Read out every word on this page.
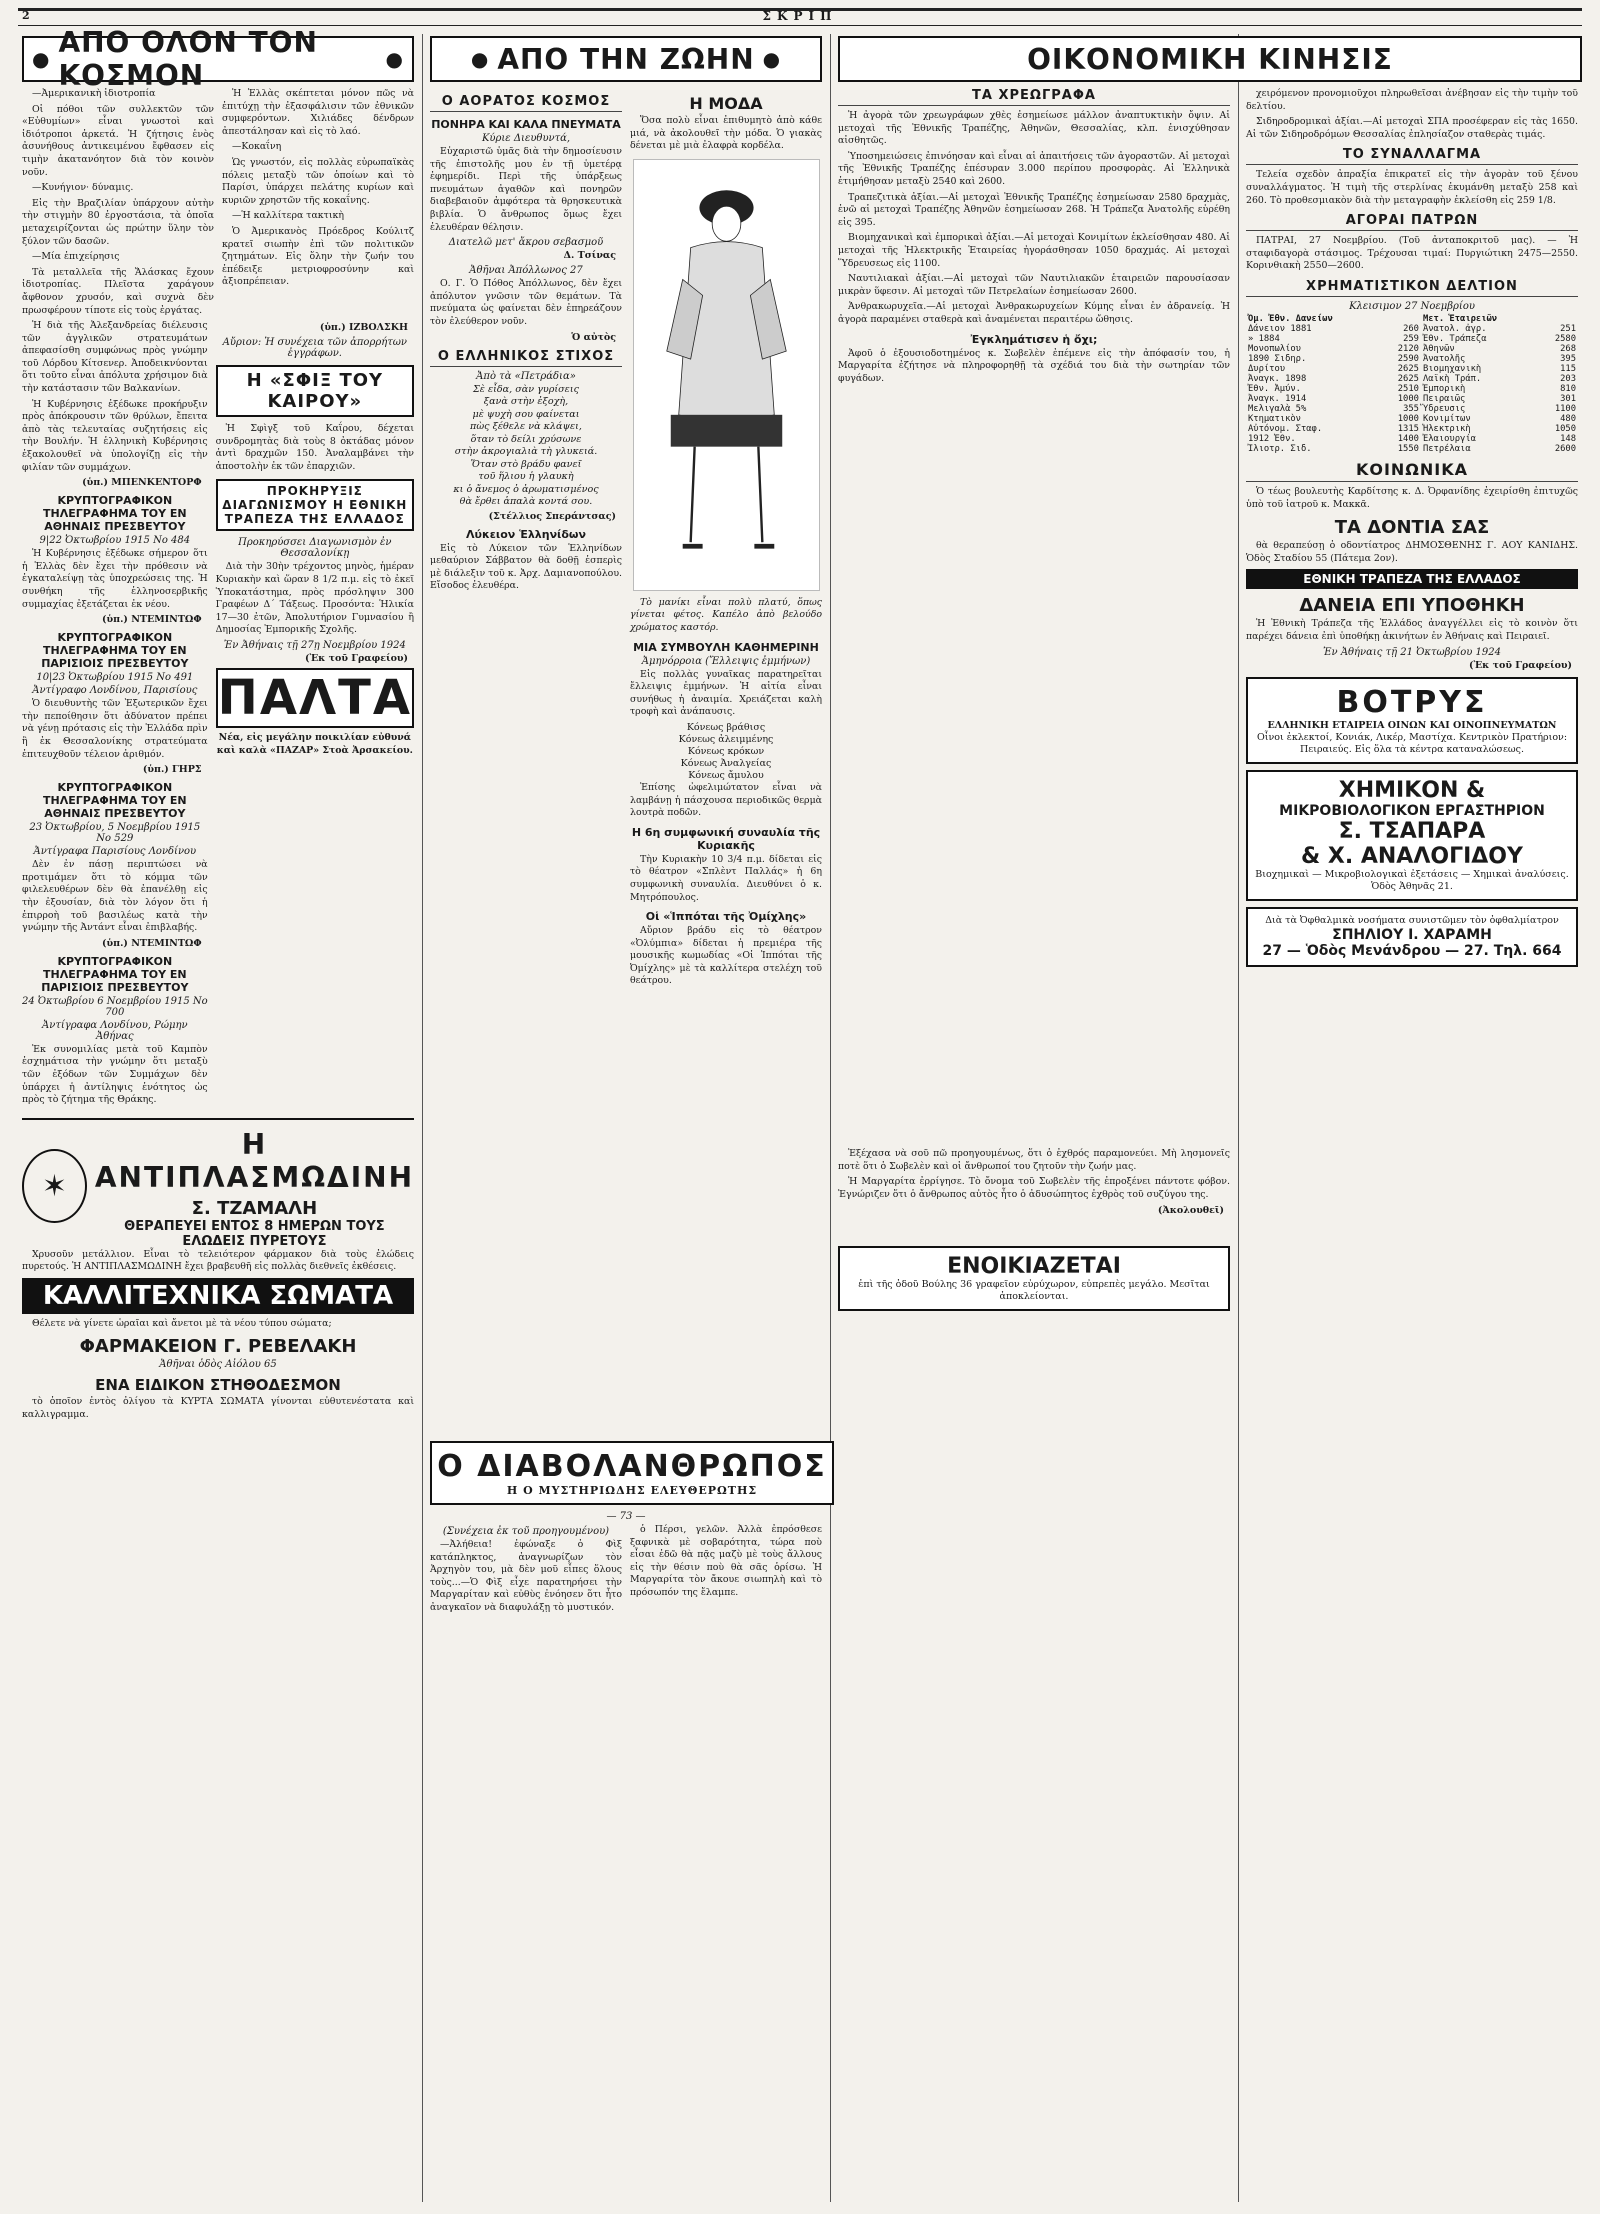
2	ΣΚΡΙΠ
● ΑΠΟ ΟΛΟΝ ΤΟΝ ΚΟΣΜΟΝ	●

—Ἀμερικανικὴ ἰδιοτροπία

Οἱ πόθοι τῶν συλλεκτῶν τῶν «Εὐθυμίων» εἶναι γνωστοὶ καὶ ἰδιότροποι ἀρκετά. Ἡ ζήτησις ἑνὸς ἀσυνήθους ἀντικειμένου ἔφθασεν εἰς τιμὴν ἀκατανόητον διὰ τὸν κοινὸν νοῦν.

—Κυνήγιον· δύναμις.

Εἰς τὴν Βραζιλίαν ὑπάρχουν αὐτὴν τὴν στιγμὴν 80 ἐργοστάσια, τὰ ὁποῖα μεταχειρίζονται ὡς πρώτην ὕλην τὸν ξύλον τῶν δασῶν.

—Μία ἐπιχείρησις

Τὰ μεταλλεῖα τῆς Ἄλάσκας ἔχουν ἰδιοτροπίας. Πλεῖστα χαράγουν ἄφθονον χρυσόν, καὶ συχνὰ δὲν πρωσφέρουν τίποτε εἰς τοὺς ἐργάτας.

Ἡ Ἑλλὰς σκέπτεται μόνον πῶς νὰ ἐπιτύχῃ τὴν ἐξασφάλισιν τῶν ἐθνικῶν συμφερόντων. Χιλιάδες δένδρων ἀπεστάλησαν καὶ εἰς τὸ λαό.

—Κοκαΐνη

Ὡς γνωστόν, εἰς πολλὰς εὐρωπαϊκὰς πόλεις μεταξὺ τῶν ὁποίων καὶ τὸ Παρίσι, ὑπάρχει πελάτης κυρίων καὶ κυριῶν χρηστῶν τῆς κοκαΐνης.

—Ἡ καλλίτερα τακτικὴ

Ὁ Ἀμερικανὸς Πρόεδρος Κούλιτζ κρατεῖ σιωπὴν ἐπὶ τῶν πολιτικῶν ζητημάτων. Εἰς ὅλην τὴν ζωήν του ἐπέδειξε μετριοφροσύνην καὶ ἀξιοπρέπειαν.

Ἡ διὰ τῆς Ἀλεξανδρείας διέλευσις τῶν ἀγγλικῶν στρατευμάτων ἀπεφασίσθη συμφώνως πρὸς γνώμην τοῦ Λόρδου Κίτσενερ. Ἀποδεικνύονται ὅτι τοῦτο εἶναι ἀπόλυτα χρήσιμον διὰ τὴν κατάστασιν τῶν Βαλκανίων.

Ἡ Κυβέρνησις ἐξέδωκε προκήρυξιν πρὸς ἀπόκρουσιν τῶν θρύλων, ἔπειτα ἀπὸ τὰς τελευταίας συζητήσεις εἰς τὴν Βουλήν. Ἡ ἑλληνικὴ Κυβέρνησις ἐξακολουθεῖ νὰ ὑπολογίζῃ εἰς τὴν φιλίαν τῶν συμμάχων.

(ὑπ.) ΜΠΕΝΚΕΝΤΟΡΦ
ΚΡΥΠΤΟΓΡΑΦΙΚΟΝ ΤΗΛΕΓΡΑΦΗΜΑ ΤΟΥ ΕΝ ΑΘΗΝΑΙΣ ΠΡΕΣΒΕΥΤΟΥ
9|22 Ὀκτωβρίου 1915 Νο 484

Ἡ Κυβέρνησις ἐξέδωκε σήμερον ὅτι ἡ Ἑλλὰς δὲν ἔχει τὴν πρόθεσιν νὰ ἐγκαταλείψῃ τὰς ὑποχρεώσεις της. Ἡ συνθήκη τῆς ἑλληνοσερβικῆς συμμαχίας ἐξετάζεται ἐκ νέου.

(ὑπ.) ΝΤΕΜΙΝΤΩΦ
ΚΡΥΠΤΟΓΡΑΦΙΚΟΝ ΤΗΛΕΓΡΑΦΗΜΑ ΤΟΥ ΕΝ ΠΑΡΙΣΙΟΙΣ ΠΡΕΣΒΕΥΤΟΥ
10|23 Ὀκτωβρίου 1915 Νο 491
Ἀντίγραφο Λονδίνου, Παρισίους

Ὁ διευθυντὴς τῶν Ἐξωτερικῶν ἔχει τὴν πεποίθησιν ὅτι ἀδύνατον πρέπει νὰ γένῃ πρότασις εἰς τὴν Ἑλλάδα πρὶν ἢ ἐκ Θεσσαλονίκης στρατεύματα ἐπιτευχθοῦν τέλειον ἀριθμόν.

(ὑπ.) ΓΗΡΣ
ΚΡΥΠΤΟΓΡΑΦΙΚΟΝ ΤΗΛΕΓΡΑΦΗΜΑ ΤΟΥ ΕΝ ΑΘΗΝΑΙΣ ΠΡΕΣΒΕΥΤΟΥ
23 Ὀκτωβρίου, 5 Νοεμβρίου 1915 Νο 529
Ἀντίγραφα Παρισίους Λονδίνου

Δὲν ἐν πάσῃ περιπτώσει νὰ προτιμάμεν ὅτι τὸ κόμμα τῶν φιλελευθέρων δὲν θὰ ἐπανέλθῃ εἰς τὴν ἐξουσίαν, διὰ τὸν λόγον ὅτι ἡ ἐπιρροὴ τοῦ βασιλέως κατὰ τὴν γνώμην τῆς Ἀντάντ εἶναι ἐπιβλαβής.

(ὑπ.) ΝΤΕΜΙΝΤΩΦ
ΚΡΥΠΤΟΓΡΑΦΙΚΟΝ ΤΗΛΕΓΡΑΦΗΜΑ ΤΟΥ ΕΝ ΠΑΡΙΣΙΟΙΣ ΠΡΕΣΒΕΥΤΟΥ
24 Ὀκτωβρίου 6 Νοεμβρίου 1915 Νο 700
Ἀντίγραφα Λονδίνου, Ρώμην Ἀθήνας

Ἐκ συνομιλίας μετὰ τοῦ Καμπὸν ἐσχημάτισα τὴν γνώμην ὅτι μεταξὺ τῶν ἐξόδων τῶν Συμμάχων δὲν ὑπάρχει ἡ ἀντίληψις ἑνότητος ὡς πρὸς τὸ ζήτημα τῆς Θράκης.

(ὑπ.) ΙΖΒΟΛΣΚΗ
Αὔριον: Ἡ συνέχεια τῶν ἀπορρήτων ἐγγράφων.
Η «ΣΦΙΞ ΤΟΥ ΚΑΙΡΟΥ»

Ἡ Σφὶγξ τοῦ Καΐρου, δέχεται συνδρομητὰς διὰ τοὺς 8 ὀκτάδας μόνον ἀντὶ δραχμῶν 150. Ἀναλαμβάνει τὴν ἀποστολὴν ἐκ τῶν ἐπαρχιῶν.

ΠΡΟΚΗΡΥΞΙΣ ΔΙΑΓΩΝΙΣΜΟΥ Η ΕΘΝΙΚΗ ΤΡΑΠΕΖΑ ΤΗΣ ΕΛΛΑΔΟΣ
Προκηρύσσει Διαγωνισμὸν ἐν Θεσσαλονίκῃ

Διὰ τὴν 30ὴν τρέχοντος μηνὸς, ἡμέραν Κυριακὴν καὶ ὥραν 8 1/2 π.μ. εἰς τὸ ἐκεῖ Ὑποκατάστημα, πρὸς πρόσληψιν 300 Γραφέων Δ΄ Τάξεως. Προσόντα: Ἡλικία 17—30 ἐτῶν, Ἀπολυτήριον Γυμνασίου ἢ Δημοσίας Ἐμπορικῆς Σχολῆς.

Ἐν Ἀθήναις τῇ 27ῃ Νοεμβρίου 1924
(Ἐκ τοῦ Γραφείου)
ΠΑΛΤΑ

Νέα, εἰς μεγάλην ποικιλίαν εὐθυνά καὶ καλὰ «ΠΑΖΑΡ» Στοὰ Ἀρσακείου.

✶
Η ΑΝΤΙΠΛΑΣΜΩΔΙΝΗ
Σ. ΤΖΑΜΑΛΗ
ΘΕΡΑΠΕΥΕΙ ΕΝΤΟΣ 8 ΗΜΕΡΩΝ ΤΟΥΣ
ΕΛΩΔΕΙΣ ΠΥΡΕΤΟΥΣ

Χρυσοῦν μετάλλιον. Εἶναι τὸ τελειότερον φάρμακον διὰ τοὺς ἑλώδεις πυρετούς. Ἡ ΑΝΤΙΠΛΑΣΜΩΔΙΝΗ ἔχει βραβευθῆ εἰς πολλὰς διεθνεῖς ἐκθέσεις.

ΚΑΛΛΙΤΕΧΝΙΚΑ ΣΩΜΑΤΑ

Θέλετε νὰ γίνετε ὡραῖαι καὶ ἄνετοι μὲ τὰ νέου τύπου σώματα;

ΦΑΡΜΑΚΕΙΟΝ Γ. ΡΕΒΕΛΑΚΗ
Ἀθῆναι ὁδὸς Αἰόλου 65
ΕΝΑ ΕΙΔΙΚΟΝ ΣΤΗΘΟΔΕΣΜΟΝ

τὸ ὁποῖον ἐντὸς ὀλίγου τὰ ΚΥΡΤΑ ΣΩΜΑΤΑ γίνονται εὐθυτενέστατα καὶ καλλιγραμμα.

● ΑΠΟ ΤΗΝ ΖΩΗΝ ●
Ο ΑΟΡΑΤΟΣ ΚΟΣΜΟΣ
ΠΟΝΗΡΑ ΚΑΙ ΚΑΛΑ ΠΝΕΥΜΑΤΑ
Κύριε Διευθυντά,

Εὐχαριστῶ ὑμᾶς διὰ τὴν δημοσίευσιν τῆς ἐπιστολῆς μου ἐν τῇ ὑμετέρᾳ ἐφημερίδι. Περὶ τῆς ὑπάρξεως πνευμάτων ἀγαθῶν καὶ πονηρῶν διαβεβαιοῦν ἀμφότερα τὰ θρησκευτικὰ βιβλία. Ὁ ἄνθρωπος ὅμως ἔχει ἐλευθέραν θέλησιν.

Διατελῶ μετ' ἄκρου σεβασμοῦ
Δ. Τσίνας
Ἀθῆναι Ἀπόλλωνος 27

Ο. Γ. Ὁ Πόθος Ἀπόλλωνος, δὲν ἔχει ἀπόλυτον γνῶσιν τῶν θεμάτων. Τὰ πνεύματα ὡς φαίνεται δὲν ἐπηρεάζουν τὸν ἐλεύθερον νοῦν.

Ὁ αὐτὸς
Ο ΕΛΛΗΝΙΚΟΣ ΣΤΙΧΟΣ
Ἀπὸ τὰ «Πετράδια»
Σὲ εἶδα, σὰν γυρίσεις
ξανὰ στὴν ἐξοχὴ,
μὲ ψυχὴ σου φαίνεται
πὼς ξέθελε νὰ κλάψει,
ὅταν τὸ δείλι χρύσωνε
στὴν ἀκρογιαλιὰ τὴ γλυκειά.
Ὅταν στὸ βράδυ φανεῖ
τοῦ ἥλιου ἡ γλαυκὴ
κι ὁ ἄνεμος ὁ ἀρωματισμένος
θὰ ἔρθει ἁπαλὰ κοντά σου.
(Στέλλιος Σπεράντσας)
Λύκειον Ἑλληνίδων

Εἰς τὸ Λύκειον τῶν Ἑλληνίδων μεθαύριον Σάββατον θὰ δοθῇ ἑσπερὶς μὲ διάλεξιν τοῦ κ. Ἀρχ. Δαμιανοπούλου. Εἴσοδος ἐλευθέρα.

Η ΜΟΔΑ

Ὅσα πολὺ εἶναι ἐπιθυμητὸ ἀπὸ κάθε μιά, νὰ ἀκολουθεῖ τὴν μόδα. Ὁ γιακὰς δένεται μὲ μιὰ ἐλαφρὰ κορδέλα.

Τὸ μανίκι εἶναι πολὺ πλατύ, ὅπως γίνεται φέτος. Καπέλο ἀπὸ βελούδο χρώματος καστόρ.

ΜΙΑ ΣΥΜΒΟΥΛΗ ΚΑΘΗΜΕΡΙΝΗ
Ἀμηνόρροια (Ἔλλειψις ἐμμήνων)

Εἰς πολλὰς γυναῖκας παρατηρεῖται ἔλλειψις ἐμμήνων. Ἡ αἰτία εἶναι συνήθως ἡ ἀναιμία. Χρειάζεται καλὴ τροφὴ καὶ ἀνάπαυσις.

Κόνεως βράθισς
Κόνεως ἀλειμμένης
Κόνεως κρόκων
Κόνεως Ἀναλγείας
Κόνεως ἄμυλου

Ἐπίσης ὠφελιμώτατον εἶναι νὰ λαμβάνῃ ἡ πάσχουσα περιοδικῶς θερμὰ λουτρὰ ποδῶν.

Η 6η συμφωνική συναυλία τῆς Κυριακῆς

Τὴν Κυριακὴν 10 3/4 π.μ. δίδεται εἰς τὸ θέατρον «Σπλὲντ Παλλάς» ἡ 6η συμφωνικὴ συναυλία. Διευθύνει ὁ κ. Μητρόπουλος.

Οἱ «Ἱππόται τῆς Ὀμίχλης»

Αὔριον βράδυ εἰς τὸ θέατρον «Ὀλύμπια» δίδεται ἡ πρεμιέρα τῆς μουσικῆς κωμωδίας «Οἱ Ἱππόται τῆς Ὀμίχλης» μὲ τὰ καλλίτερα στελέχη τοῦ θεάτρου.

Ο ΔΙΑΒΟΛΑΝΘΡΩΠΟΣ
Η Ο ΜΥΣΤΗΡΙΩΔΗΣ ΕΛΕΥΘΕΡΩΤΗΣ
— 73 —
(Συνέχεια ἐκ τοῦ προηγουμένου)

—Ἀλήθεια! ἐφώναξε ὁ Φὶξ κατάπληκτος, ἀναγνωρίζων τὸν Ἀρχηγὸν του, μὰ δὲν μοῦ εἶπες ὅλους τοὺς...—Ὁ Φὶξ εἶχε παρατηρήσει τὴν Μαργαρίταν καὶ εὐθὺς ἐνόησεν ὅτι ἦτο ἀναγκαῖον νὰ διαφυλάξῃ τὸ μυστικόν.

ὁ Πέρσι, γελῶν. Ἀλλὰ ἐπρόσθεσε ξαφνικὰ μὲ σοβαρότητα, τώρα ποὺ εἶσαι ἐδῶ θὰ πᾷς μαζὺ μὲ τοὺς ἄλλους εἰς τὴν θέσιν ποὺ θὰ σᾶς ὁρίσω. Ἡ Μαργαρίτα τὸν ἄκουε σιωπηλὴ καὶ τὸ πρόσωπόν της ἔλαμπε.

ΟΙΚΟΝΟΜΙΚΗ ΚΙΝΗΣΙΣ
ΤΑ ΧΡΕΩΓΡΑΦΑ

Ἡ ἀγορὰ τῶν χρεωγράφων χθὲς ἐσημείωσε μάλλον ἀναπτυκτικὴν ὄψιν. Αἱ μετοχαὶ τῆς Ἐθνικῆς Τραπέζης, Ἀθηνῶν, Θεσσαλίας, κλπ. ἐνισχύθησαν αἰσθητῶς.

Ὑποσημειώσεις ἐπινόησαν καὶ εἶναι αἱ ἀπαιτήσεις τῶν ἀγοραστῶν. Αἱ μετοχαὶ τῆς Ἐθνικῆς Τραπέζης ἐπέσυραν 3.000 περίπου προσφορὰς. Αἱ Ἐλληνικὰ ἐτιμήθησαν μεταξὺ 2540 καὶ 2600.

Τραπεζιτικὰ ἀξίαι.—Αἱ μετοχαὶ Ἐθνικῆς Τραπέζης ἐσημείωσαν 2580 δραχμὰς, ἐνῶ αἱ μετοχαὶ Τραπέζης Ἀθηνῶν ἐσημείωσαν 268. Ἡ Τράπεζα Ἀνατολῆς εὑρέθη εἰς 395.

Βιομηχανικαὶ καὶ ἐμπορικαὶ ἀξίαι.—Αἱ μετοχαὶ Κονιμίτων ἐκλείσθησαν 480. Αἱ μετοχαὶ τῆς Ἡλεκτρικῆς Ἑταιρείας ἠγοράσθησαν 1050 δραχμάς. Αἱ μετοχαὶ Ὕδρευσεως εἰς 1100.

Ναυτιλιακαὶ ἀξίαι.—Αἱ μετοχαὶ τῶν Ναυτιλιακῶν ἑταιρειῶν παρουσίασαν μικρὰν ὕφεσιν. Αἱ μετοχαὶ τῶν Πετρελαίων ἐσημείωσαν 2600.

Ἀνθρακωρυχεῖα.—Αἱ μετοχαὶ Ἀνθρακωρυχείων Κύμης εἶναι ἐν ἀδρανείᾳ. Ἡ ἀγορὰ παραμένει σταθερὰ καὶ ἀναμένεται περαιτέρω ὤθησις.

Ἐγκλημάτισεν ἡ ὄχι;

Ἀφοῦ ὁ ἐξουσιοδοτημένος κ. Σωβελὲν ἐπέμενε εἰς τὴν ἀπόφασίν του, ἡ Μαργαρίτα ἐζήτησε νὰ πληροφορηθῇ τὰ σχέδιά του διὰ τὴν σωτηρίαν τῶν φυγάδων.

Ἐξέχασα νὰ σοῦ πῶ προηγουμένως, ὅτι ὁ ἐχθρός παραμονεύει. Μὴ λησμονεῖς ποτὲ ὅτι ὁ Σωβελὲν καὶ οἱ ἄνθρωποί του ζητοῦν τὴν ζωήν μας.

Ἡ Μαργαρίτα ἐρρίγησε. Τὸ ὄνομα τοῦ Σωβελὲν τῆς ἐπροξένει πάντοτε φόβον. Ἐγνώριζεν ὅτι ὁ ἄνθρωπος αὐτὸς ἦτο ὁ ἀδυσώπητος ἐχθρὸς τοῦ συζύγου της.

(Ἀκολουθεῖ)
ΕΝΟΙΚΙΑΖΕΤΑΙ
ἐπὶ τῆς ὁδοῦ Βούλης 36 γραφεῖον εὐρύχωρον, εὐπρεπὲς μεγάλο. Μεσῖται ἀποκλείονται.

χειρόμενον προνομιοῦχοι πληρωθεῖσαι ἀνέβησαν εἰς τὴν τιμὴν τοῦ δελτίου.

Σιδηροδρομικαὶ ἀξίαι.—Αἱ μετοχαὶ ΣΠΑ προσέφεραν εἰς τὰς 1650. Αἱ τῶν Σιδηροδρόμων Θεσσαλίας ἐπλησίαζον σταθερὰς τιμάς.

ΤΟ ΣΥΝΑΛΛΑΓΜΑ

Τελεία σχεδὸν ἀπραξία ἐπικρατεῖ εἰς τὴν ἀγορὰν τοῦ ξένου συναλλάγματος. Ἡ τιμὴ τῆς στερλίνας ἐκυμάνθη μεταξὺ 258 καὶ 260. Τὸ προθεσμιακὸν διὰ τὴν μεταγραφὴν ἐκλείσθη εἰς 259 1/8.

ΑΓΟΡΑΙ ΠΑΤΡΩΝ

ΠΑΤΡΑΙ, 27 Νοεμβρίου. (Τοῦ ἀνταποκριτοῦ μας). — Ἡ σταφιδαγορὰ στάσιμος. Τρέχουσαι τιμαί: Πυργιώτικη 2475—2550. Κορινθιακὴ 2550—2600.

ΧΡΗΜΑΤΙΣΤΙΚΟΝ ΔΕΛΤΙΟΝ
Κλεισιμον 27 Νοεμβρίου
Ὀμ. Ἐθν. Δανείων		Μετ. Ἑταιρειῶν	
Δάνειον 1881	260	Ἀνατολ. ἀγρ.	251
» 1884	259	Ἐθν. Τράπεζα	2580
Μονοπωλίου	2120	Ἀθηνῶν	268
1890 Σιδηρ.	2590	Ἀνατολῆς	395
Δυρίτου	2625	Βιομηχανικὴ	115
Ἀναγκ. 1898	2625	Λαϊκὴ Τράπ.	203
Ἐθν. Ἀμύν.	2510	Ἐμπορικὴ	810
Ἀναγκ. 1914	1000	Πειραιῶς	301
Μελιγαλὰ 5%	355	Ὕδρευσις	1100
Κτηματικὸν	1000	Κονιμίτων	480
Αὐτόνομ. Σταφ.	1315	Ἡλεκτρικὴ	1050
1912 Ἐθν.	1400	Ἐλαιουργία	148
Ἰλιοτρ. Σιδ.	1550	Πετρέλαια	2600
ΚΟΙΝΩΝΙΚΑ

Ὁ τέως βουλευτὴς Καρδίτσης κ. Δ. Ὀρφανίδης ἐχειρίσθη ἐπιτυχῶς ὑπὸ τοῦ ἰατροῦ κ. Μακκᾶ.

ΤΑ ΔΟΝΤΙΑ ΣΑΣ

θὰ θεραπεύσῃ ὁ οδοντίατρος ΔΗΜΟΣΘΕΝΗΣ Γ. ΑΟΥ ΚΑΝΙΔΗΣ. Ὁδὸς Σταδίου 55 (Πάτεμα 2ον).

ΕΘΝΙΚΗ ΤΡΑΠΕΖΑ ΤΗΣ ΕΛΛΑΔΟΣ
ΔΑΝΕΙΑ ΕΠΙ ΥΠΟΘΗΚΗ

Ἡ Ἐθνικὴ Τράπεζα τῆς Ἑλλάδος ἀναγγέλλει εἰς τὸ κοινὸν ὅτι παρέχει δάνεια ἐπὶ ὑποθήκῃ ἀκινήτων ἐν Ἀθήναις καὶ Πειραιεῖ.

Ἐν Ἀθήναις τῇ 21 Ὀκτωβρίου 1924
(Ἐκ τοῦ Γραφείου)
ΒΟΤΡΥΣ
ΕΛΛΗΝΙΚΗ ΕΤΑΙΡΕΙΑ ΟΙΝΩΝ ΚΑΙ ΟΙΝΟΠΝΕΥΜΑΤΩΝ
Οἶνοι ἐκλεκτοί, Κονιάκ, Λικέρ, Μαστίχα. Κεντρικὸν Πρατήριον: Πειραιεύς. Εἰς ὅλα τὰ κέντρα καταναλώσεως.
ΧΗΜΙΚΟΝ &
ΜΙΚΡΟΒΙΟΛΟΓΙΚΟΝ ΕΡΓΑΣΤΗΡΙΟΝ
Σ. ΤΣΑΠΑΡΑ
& Χ. ΑΝΑΛΟΓΙΔΟΥ
Βιοχημικαὶ — Μικροβιολογικαὶ ἐξετάσεις — Χημικαὶ ἀναλύσεις. Ὁδὸς Ἀθηνᾶς 21.
Διὰ τὰ Ὀφθαλμικὰ νοσήματα συνιστῶμεν τὸν ὀφθαλμίατρον
ΣΠΗΛΙΟΥ Ι. ΧΑΡΑΜΗ
27 — Ὁδὸς Μενάνδρου — 27. Τηλ. 664
